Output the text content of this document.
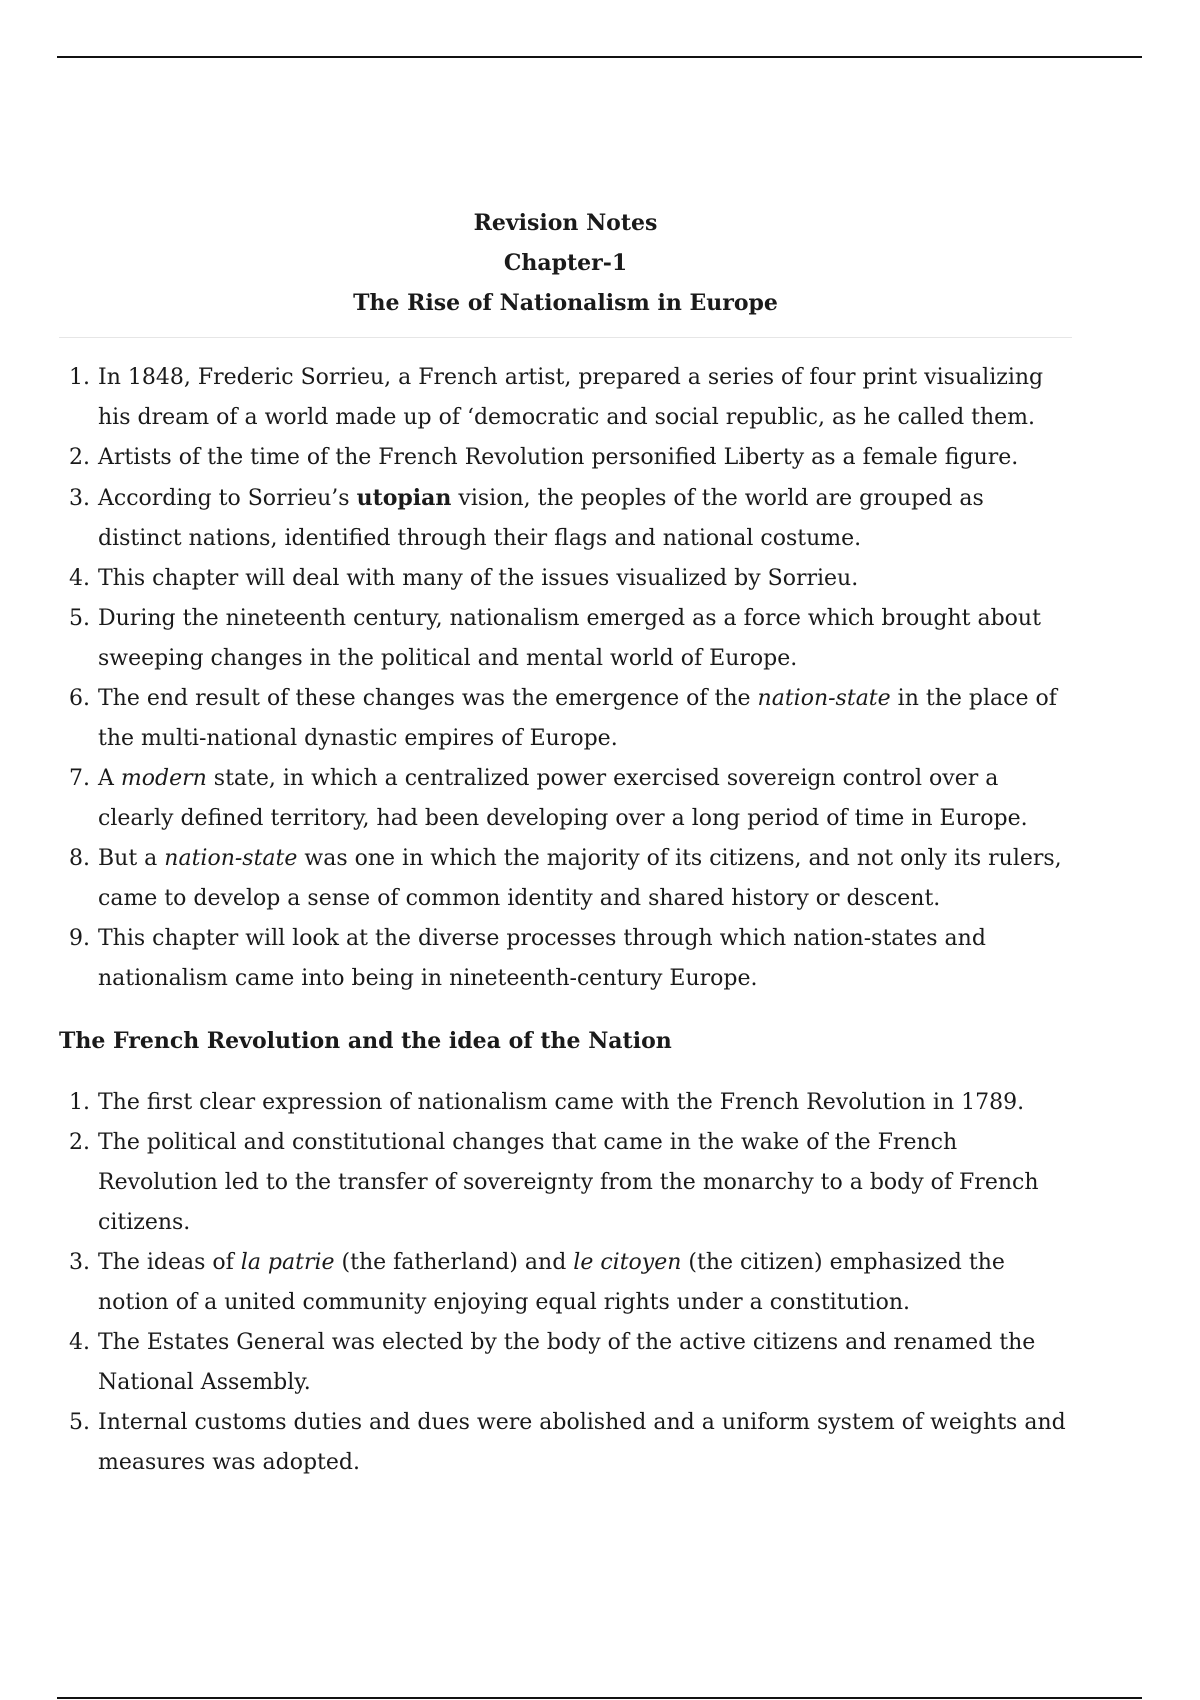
Revision Notes
Chapter-1
The Rise of Nationalism in Europe
1. In 1848, Frederic Sorrieu, a French artist, prepared a series of four print visualizing his dream of a world made up of ‘democratic and social republic, as he called them.
2. Artists of the time of the French Revolution personified Liberty as a female figure.
3. According to Sorrieu’s utopian vision, the peoples of the world are grouped as distinct nations, identified through their flags and national costume.
4. This chapter will deal with many of the issues visualized by Sorrieu.
5. During the nineteenth century, nationalism emerged as a force which brought about sweeping changes in the political and mental world of Europe.
6. The end result of these changes was the emergence of the nation-state in the place of the multi-national dynastic empires of Europe.
7. A modern state, in which a centralized power exercised sovereign control over a clearly defined territory, had been developing over a long period of time in Europe.
8. But a nation-state was one in which the majority of its citizens, and not only its rulers, came to develop a sense of common identity and shared history or descent.
9. This chapter will look at the diverse processes through which nation-states and nationalism came into being in nineteenth-century Europe.
The French Revolution and the idea of the Nation
1. The first clear expression of nationalism came with the French Revolution in 1789.
2. The political and constitutional changes that came in the wake of the French Revolution led to the transfer of sovereignty from the monarchy to a body of French citizens.
3. The ideas of la patrie (the fatherland) and le citoyen (the citizen) emphasized the notion of a united community enjoying equal rights under a constitution.
4. The Estates General was elected by the body of the active citizens and renamed the National Assembly.
5. Internal customs duties and dues were abolished and a uniform system of weights and measures was adopted.
